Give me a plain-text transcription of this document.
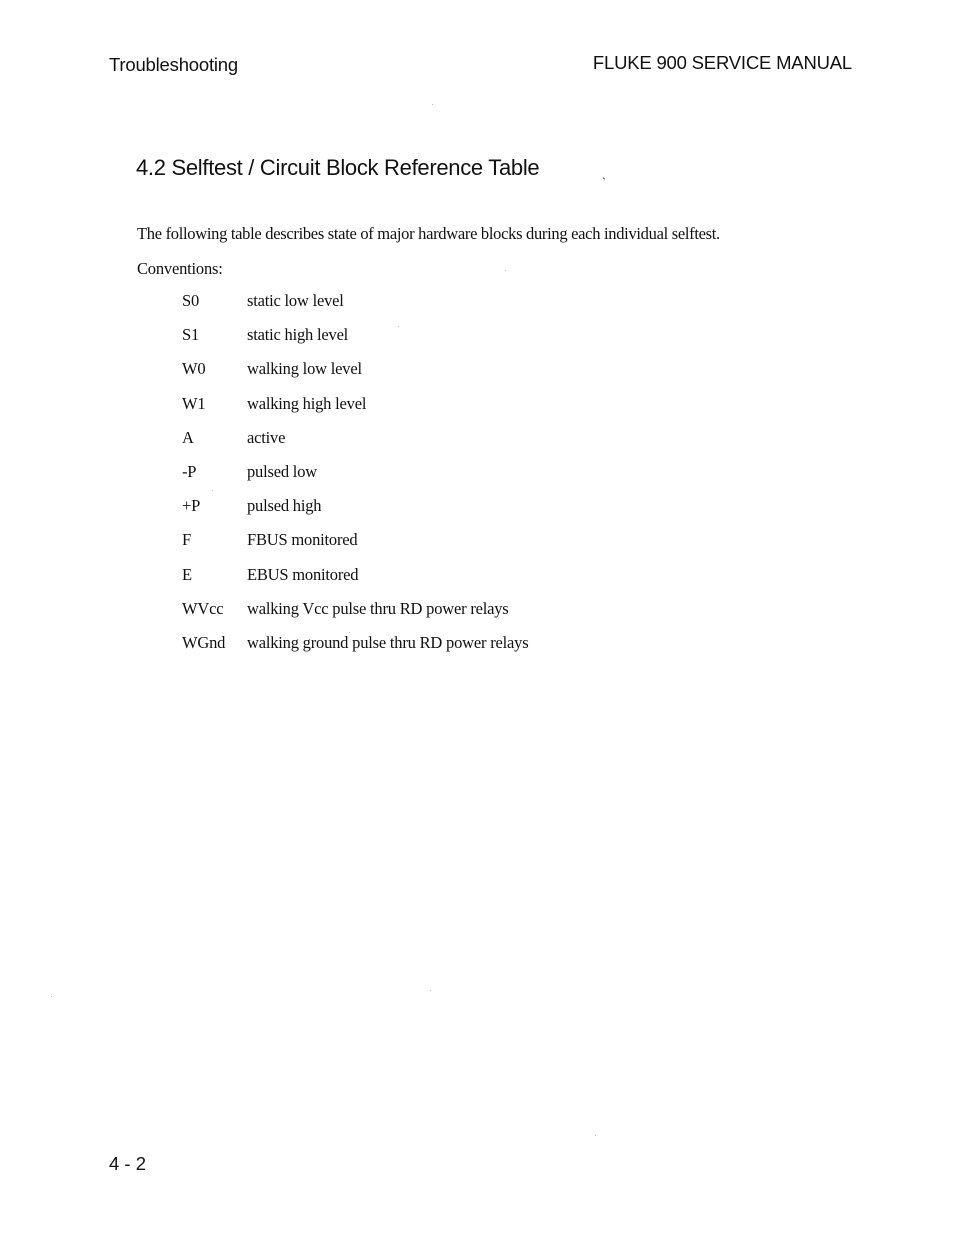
Troubleshooting	FLUKE 900 SERVICE MANUAL
4.2 Selftest / Circuit Block Reference Table	ˎ
The following table describes state of major hardware blocks during each individual selftest.
Conventions:
S0	static low level
S1	static high level
W0	walking low level
W1	walking high level
A	active
-P	pulsed low
+P	pulsed high
F	FBUS monitored
E	EBUS monitored
WVcc	walking Vcc pulse thru RD power relays
WGnd	walking ground pulse thru RD power relays
4 - 2
